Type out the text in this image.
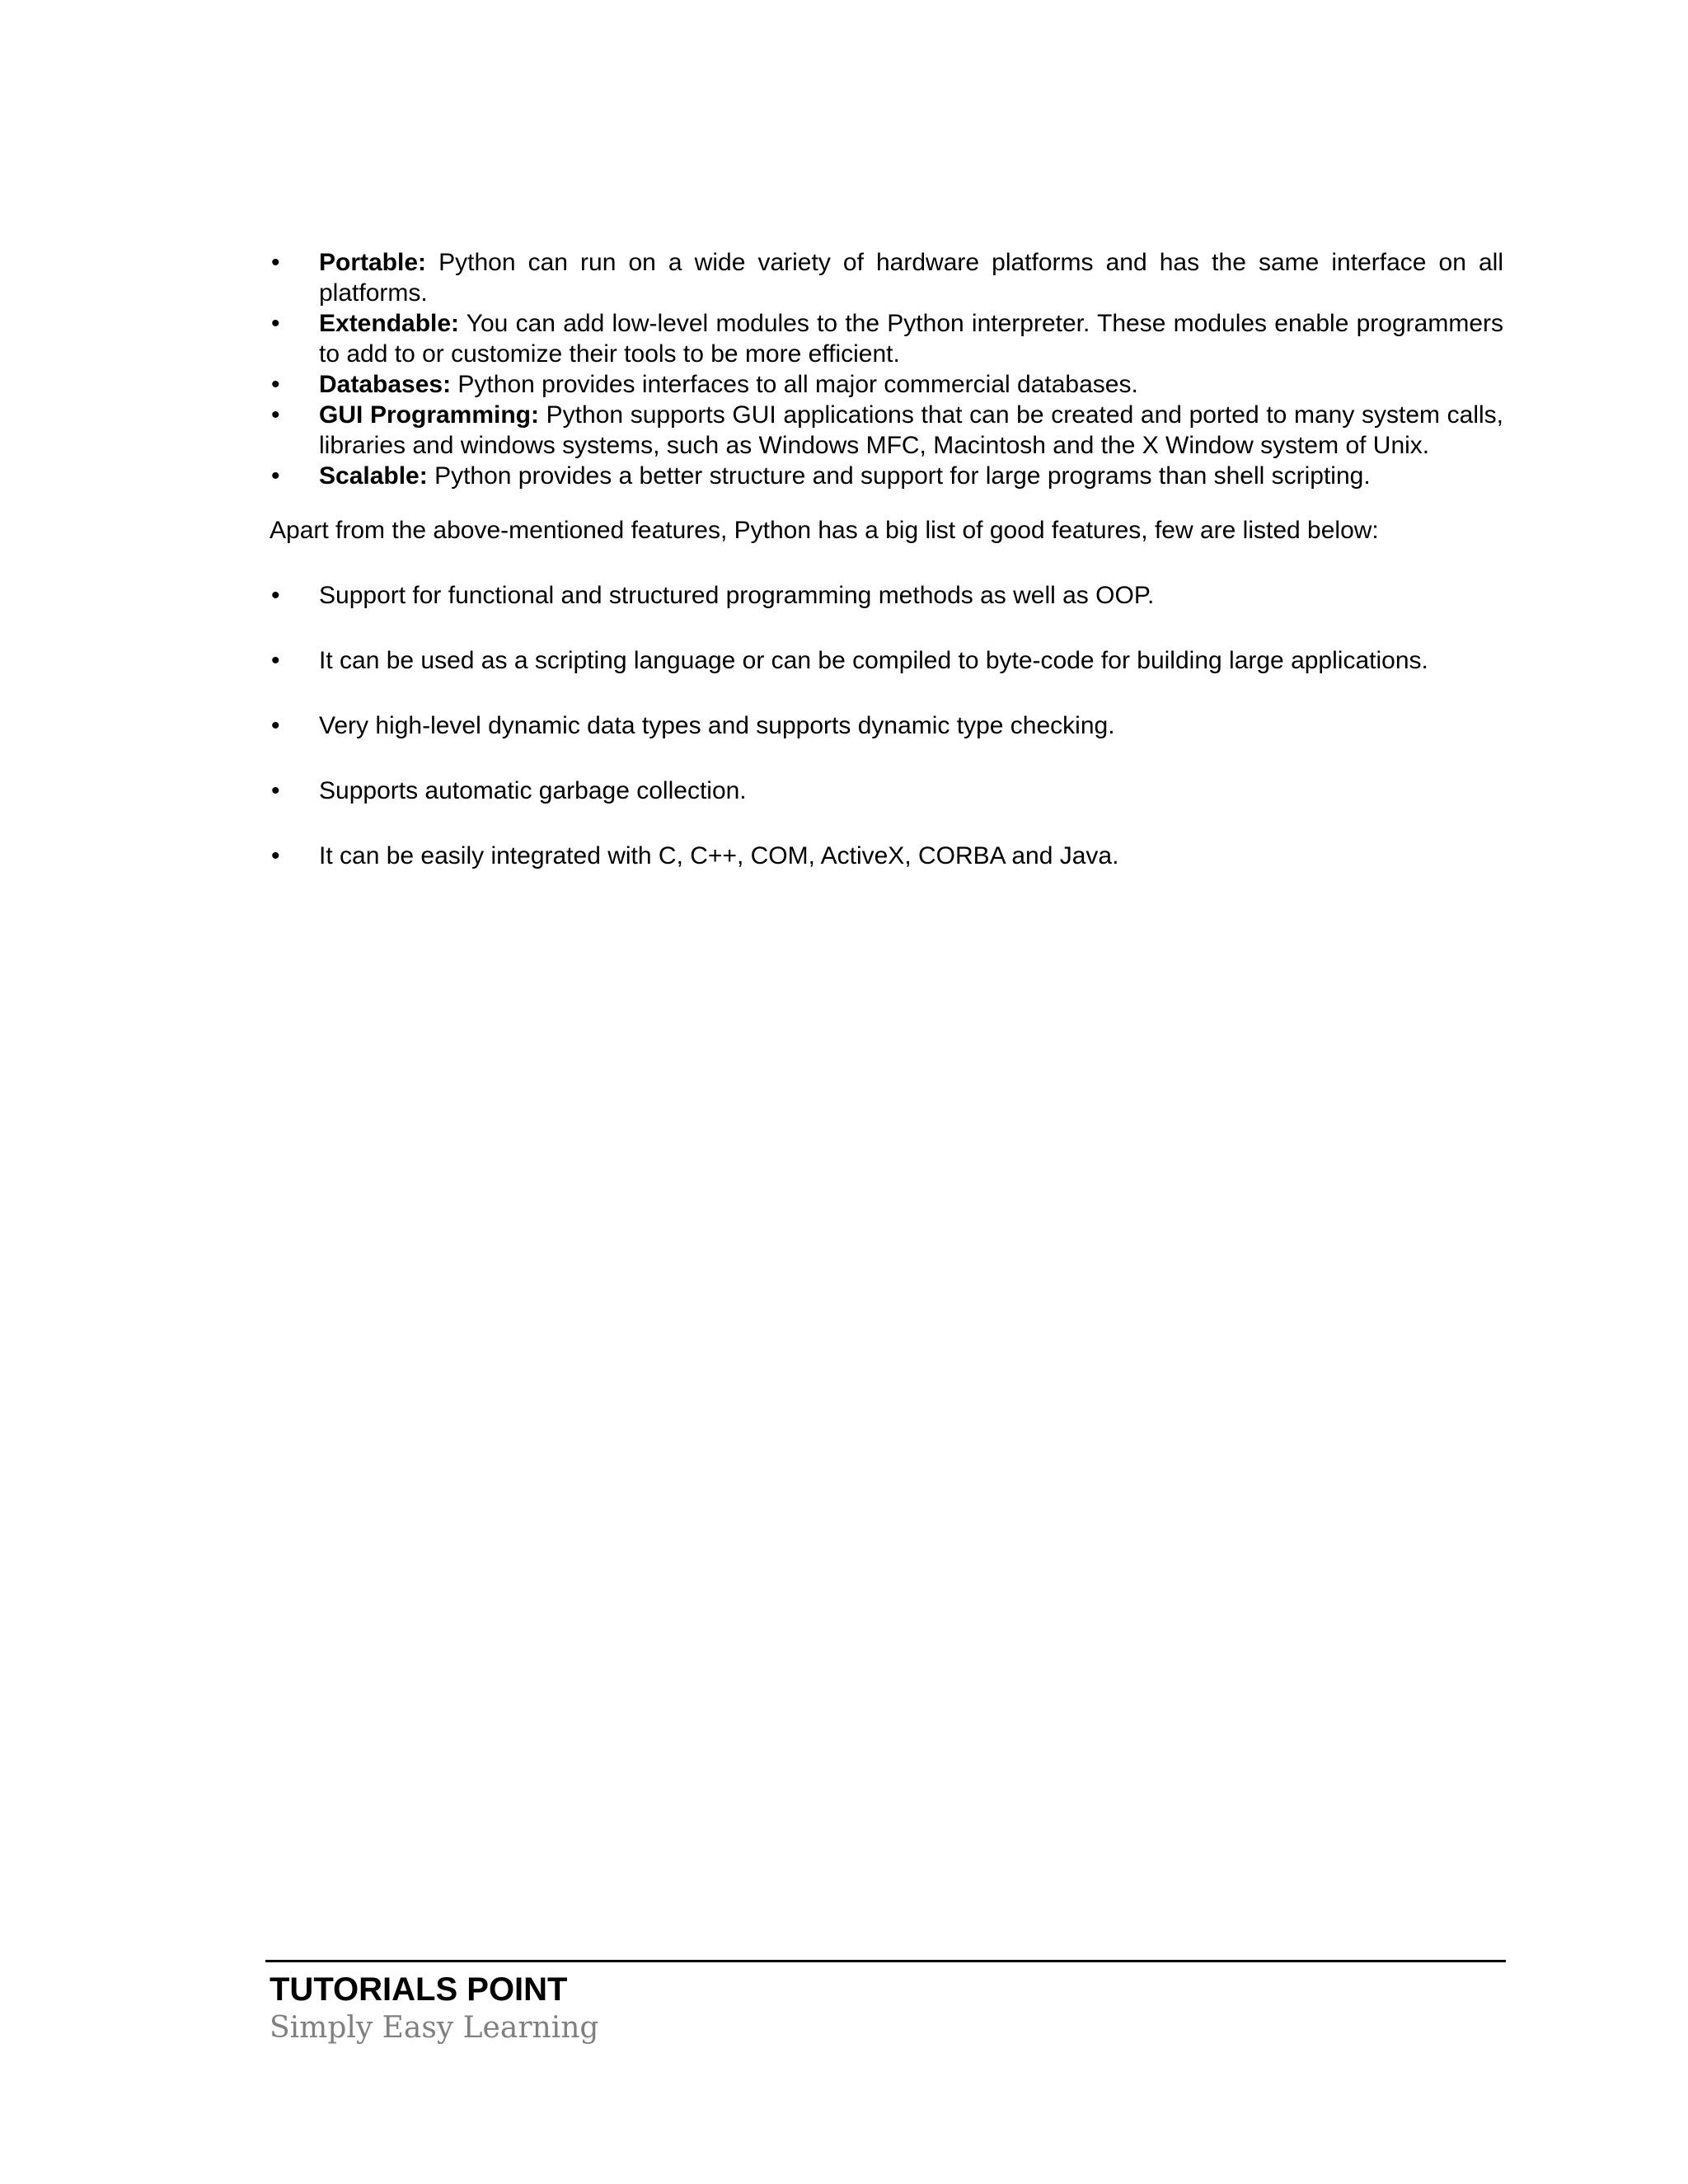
•	Portable: Python can run on a wide variety of hardware platforms and has the same interface on all platforms.
•	Extendable: You can add low-level modules to the Python interpreter. These modules enable programmers to add to or customize their tools to be more efficient.
•	Databases: Python provides interfaces to all major commercial databases.
•	GUI Programming: Python supports GUI applications that can be created and ported to many system calls, libraries and windows systems, such as Windows MFC, Macintosh and the X Window system of Unix.
•	Scalable: Python provides a better structure and support for large programs than shell scripting.

Apart from the above-mentioned features, Python has a big list of good features, few are listed below:

•	Support for functional and structured programming methods as well as OOP.
•	It can be used as a scripting language or can be compiled to byte-code for building large applications.
•	Very high-level dynamic data types and supports dynamic type checking.
•	Supports automatic garbage collection.
•	It can be easily integrated with C, C++, COM, ActiveX, CORBA and Java.
TUTORIALS POINT
Simply Easy Learning
